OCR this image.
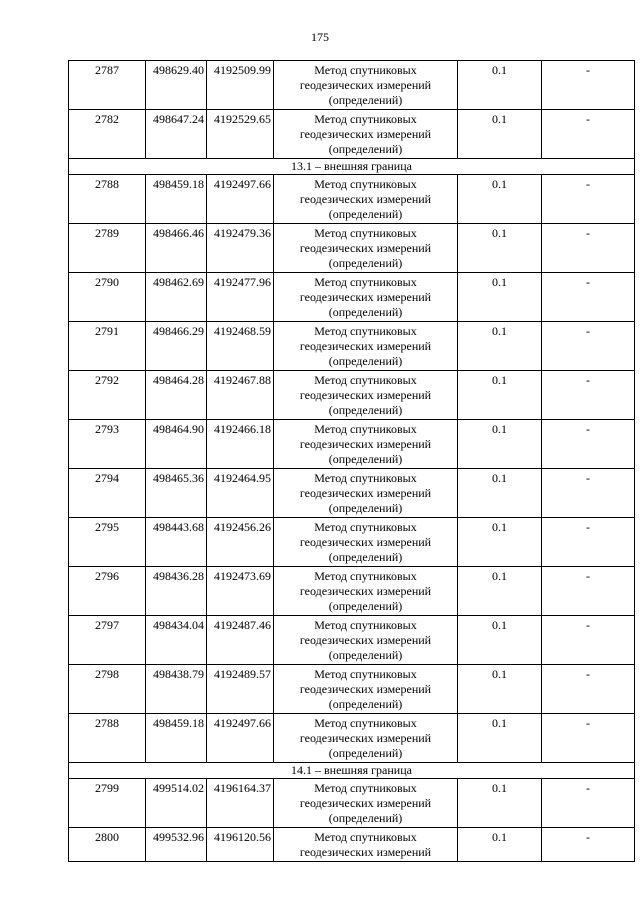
175
2787	498629.40	4192509.99	Метод спутниковых
геодезических измерений
(определений)	0.1	-
2782	498647.24	4192529.65	Метод спутниковых
геодезических измерений
(определений)	0.1	-
13.1 – внешняя граница					
2788	498459.18	4192497.66	Метод спутниковых
геодезических измерений
(определений)	0.1	-
2789	498466.46	4192479.36	Метод спутниковых
геодезических измерений
(определений)	0.1	-
2790	498462.69	4192477.96	Метод спутниковых
геодезических измерений
(определений)	0.1	-
2791	498466.29	4192468.59	Метод спутниковых
геодезических измерений
(определений)	0.1	-
2792	498464.28	4192467.88	Метод спутниковых
геодезических измерений
(определений)	0.1	-
2793	498464.90	4192466.18	Метод спутниковых
геодезических измерений
(определений)	0.1	-
2794	498465.36	4192464.95	Метод спутниковых
геодезических измерений
(определений)	0.1	-
2795	498443.68	4192456.26	Метод спутниковых
геодезических измерений
(определений)	0.1	-
2796	498436.28	4192473.69	Метод спутниковых
геодезических измерений
(определений)	0.1	-
2797	498434.04	4192487.46	Метод спутниковых
геодезических измерений
(определений)	0.1	-
2798	498438.79	4192489.57	Метод спутниковых
геодезических измерений
(определений)	0.1	-
2788	498459.18	4192497.66	Метод спутниковых
геодезических измерений
(определений)	0.1	-
14.1 – внешняя граница					
2799	499514.02	4196164.37	Метод спутниковых
геодезических измерений
(определений)	0.1	-
2800	499532.96	4196120.56	Метод спутниковых
геодезических измерений	0.1	-
